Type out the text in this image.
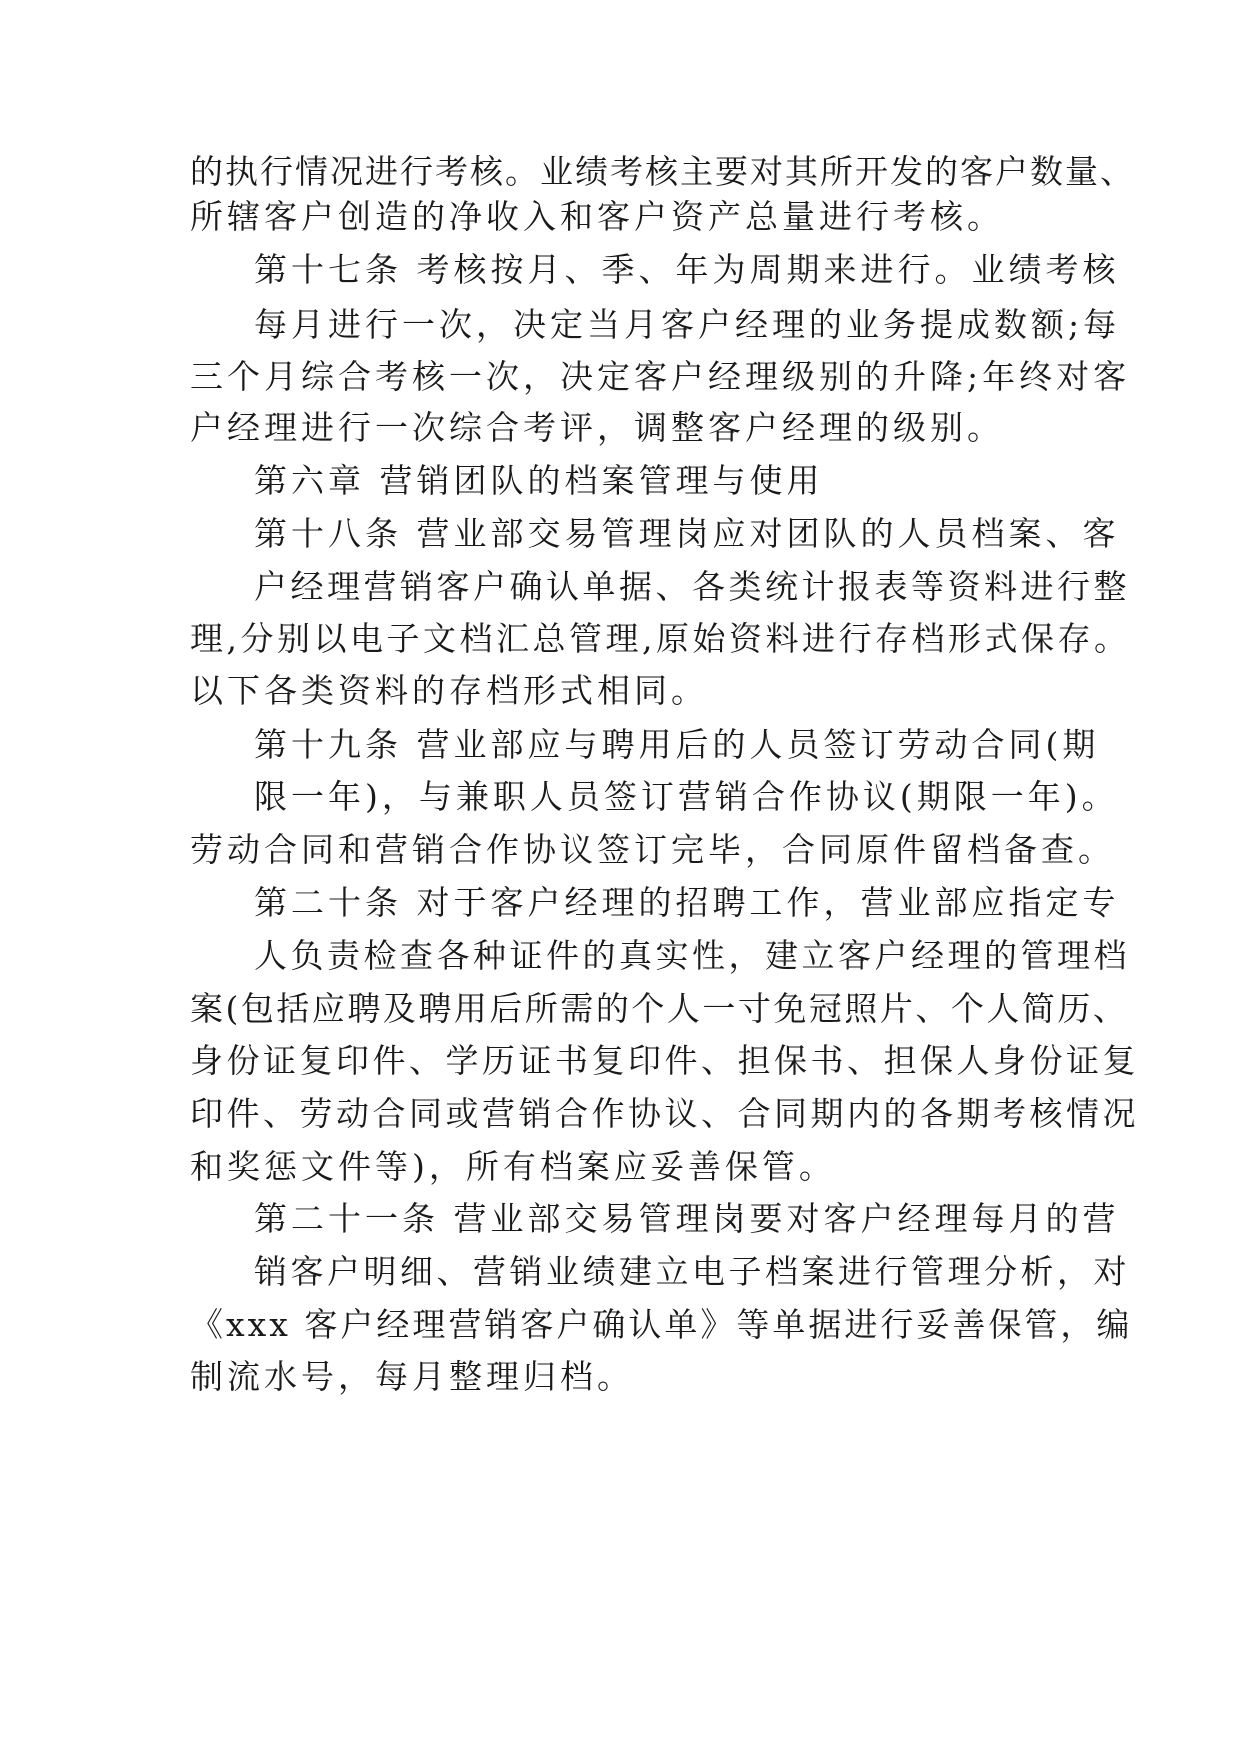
的执行情况进行考核。业绩考核主要对其所开发的客户数量、
所辖客户创造的净收入和客户资产总量进行考核。
第十七条 考核按月、季、年为周期来进行。业绩考核
每月进行一次，决定当月客户经理的业务提成数额;每
三个月综合考核一次，决定客户经理级别的升降;年终对客
户经理进行一次综合考评，调整客户经理的级别。
第六章 营销团队的档案管理与使用
第十八条 营业部交易管理岗应对团队的人员档案、客
户经理营销客户确认单据、各类统计报表等资料进行整
理,分别以电子文档汇总管理,原始资料进行存档形式保存。
以下各类资料的存档形式相同。
第十九条 营业部应与聘用后的人员签订劳动合同(期
限一年)，与兼职人员签订营销合作协议(期限一年)。
劳动合同和营销合作协议签订完毕，合同原件留档备查。
第二十条 对于客户经理的招聘工作，营业部应指定专
人负责检查各种证件的真实性，建立客户经理的管理档
案(包括应聘及聘用后所需的个人一寸免冠照片、个人简历、
身份证复印件、学历证书复印件、担保书、担保人身份证复
印件、劳动合同或营销合作协议、合同期内的各期考核情况
和奖惩文件等)，所有档案应妥善保管。
第二十一条 营业部交易管理岗要对客户经理每月的营
销客户明细、营销业绩建立电子档案进行管理分析，对
《xxx 客户经理营销客户确认单》等单据进行妥善保管，编
制流水号，每月整理归档。
